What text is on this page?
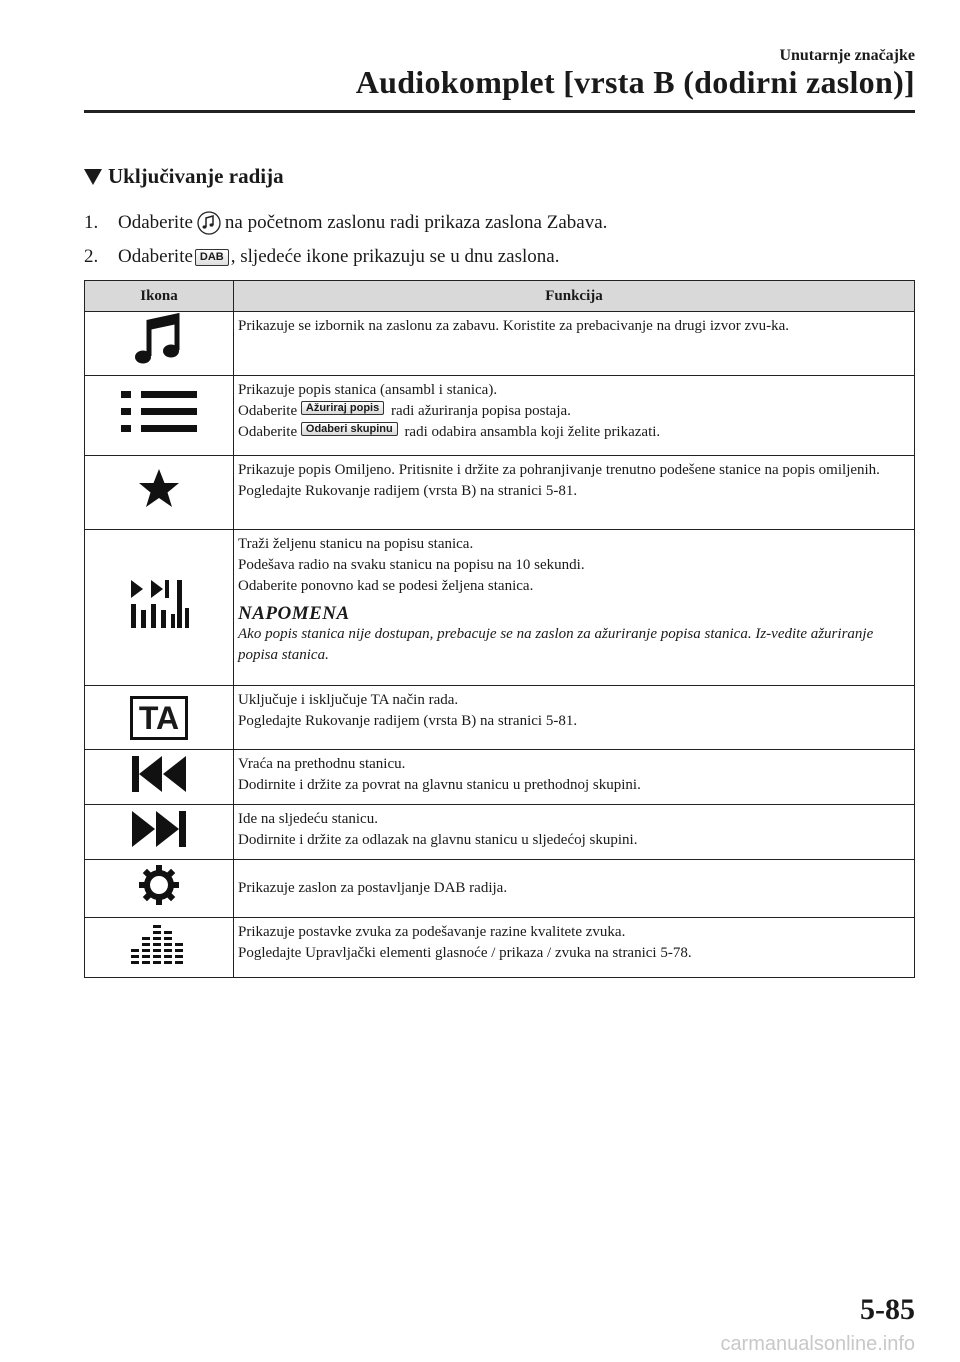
Unutarnje značajke
Audiokomplet [vrsta B (dodirni zaslon)]
Uključivanje radija
1.	Odaberite na početnom zaslonu radi prikaza zaslona Zabava.
2.	Odaberite DAB , sljedeće ikone prikazuju se u dnu zaslona.
Ikona	Funkcija

Prikazuje se izbornik na zaslonu za zabavu. Koristite za prebacivanje na drugi izvor zvu-ka.

Prikazuje popis stanica (ansambl i stanica).
Odaberite $^{Ažuriraj popis}$ radi ažuriranja popisa postaja.
Odaberite $^{Odaberi skupinu}$ radi odabira ansambla koji želite prikazati.

Prikazuje popis Omiljeno. Pritisnite i držite za pohranjivanje trenutno podešene stanice na popis omiljenih.
Pogledajte Rukovanje radijem (vrsta B) na stranici 5-81.

Traži željenu stanicu na popisu stanica.
Podešava radio na svaku stanicu na popisu na 10 sekundi.
Odaberite ponovno kad se podesi željena stanica.
NAPOMENA
Ako popis stanica nije dostupan, prebacuje se na zaslon za ažuriranje popisa stanica. Iz-vedite ažuriranje popisa stanica.

TA	Uključuje i isključuje TA način rada.
Pogledajte Rukovanje radijem (vrsta B) na stranici 5-81.

Vraća na prethodnu stanicu.
Dodirnite i držite za povrat na glavnu stanicu u prethodnoj skupini.

Ide na sljedeću stanicu.
Dodirnite i držite za odlazak na glavnu stanicu u sljedećoj skupini.

Prikazuje zaslon za postavljanje DAB radija.

Prikazuje postavke zvuka za podešavanje razine kvalitete zvuka.
Pogledajte Upravljački elementi glasnoće / prikaza / zvuka na stranici 5-78.
5-85
carmanualsonline.info
